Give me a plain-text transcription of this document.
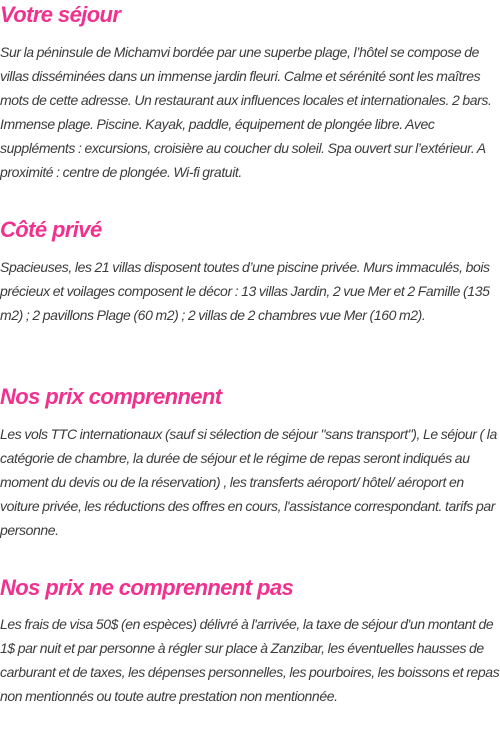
Votre séjour

Sur la péninsule de Michamvi bordée par une superbe plage, l’hôtel se compose de villas disséminées dans un immense jardin fleuri. Calme et sérénité sont les maîtres mots de cette adresse. Un restaurant aux influences locales et internationales. 2 bars. Immense plage. Piscine. Kayak, paddle, équipement de plongée libre. Avec suppléments : excursions, croisière au coucher du soleil. Spa ouvert sur l’extérieur. A proximité : centre de plongée. Wi-fi gratuit.

Côté privé

Spacieuses, les 21 villas disposent toutes d’une piscine privée. Murs immaculés, bois précieux et voilages composent le décor : 13 villas Jardin, 2 vue Mer et 2 Famille (135 m2) ; 2 pavillons Plage (60 m2) ; 2 villas de 2 chambres vue Mer (160 m2).

Nos prix comprennent

Les vols TTC internationaux (sauf si sélection de séjour "sans transport"), Le séjour ( la catégorie de chambre, la durée de séjour et le régime de repas seront indiqués au moment du devis ou de la réservation) , les transferts aéroport/ hôtel/ aéroport en voiture privée, les réductions des offres en cours, l'assistance correspondant. tarifs par personne.

Nos prix ne comprennent pas

Les frais de visa 50$ (en espèces) délivré à l'arrivée, la taxe de séjour d'un montant de 1$ par nuit et par personne à régler sur place à Zanzibar, les éventuelles hausses de carburant et de taxes, les dépenses personnelles, les pourboires, les boissons et repas non mentionnés ou toute autre prestation non mentionnée.
